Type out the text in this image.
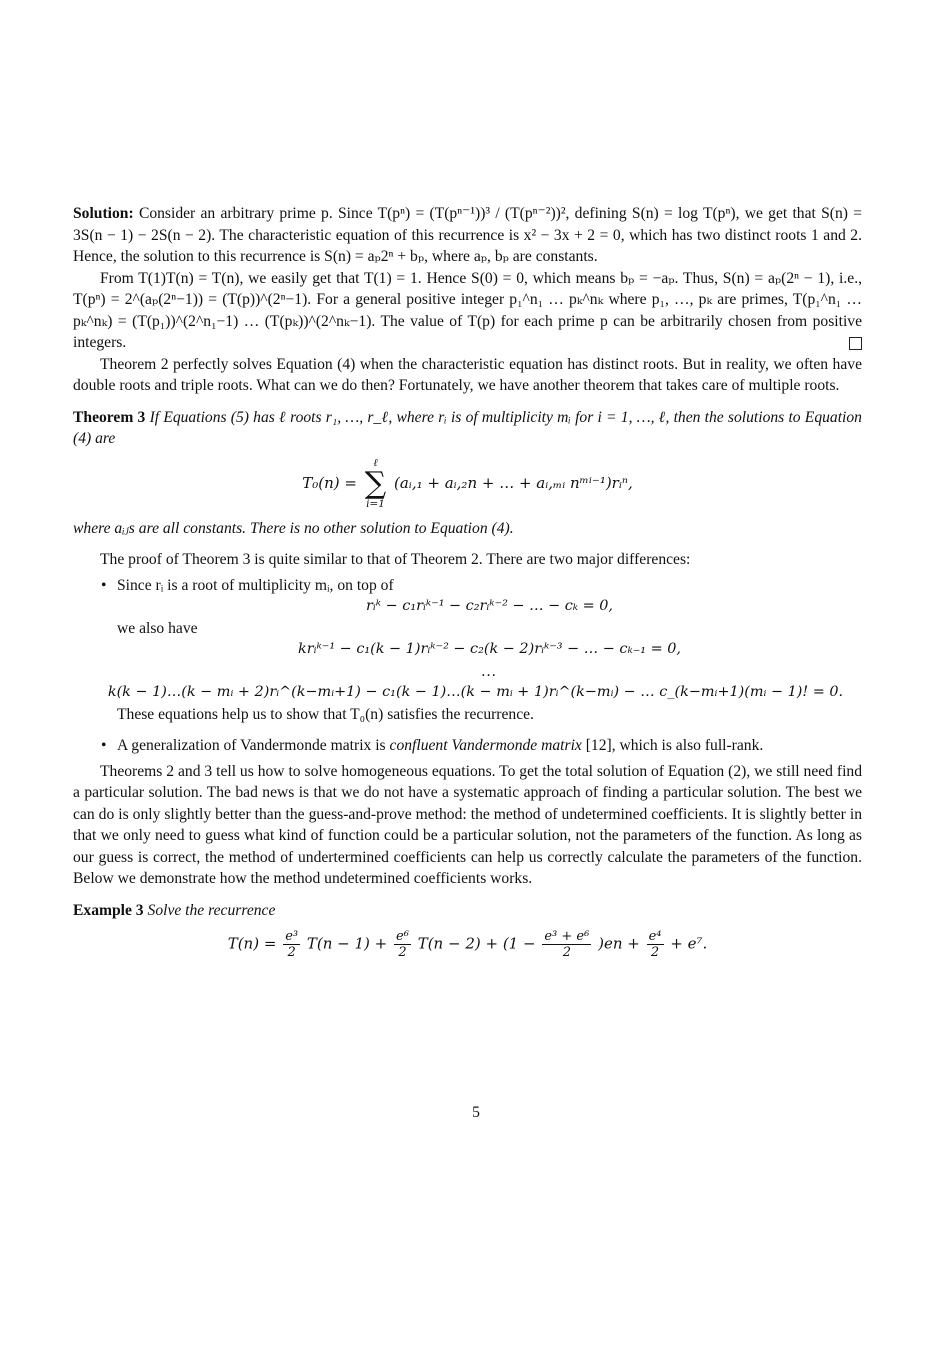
Solution: Consider an arbitrary prime p. Since T(pⁿ) = (T(pⁿ⁻¹))³ / (T(pⁿ⁻²))², defining S(n) = log T(pⁿ), we get that S(n) = 3S(n − 1) − 2S(n − 2). The characteristic equation of this recurrence is x² − 3x + 2 = 0, which has two distinct roots 1 and 2. Hence, the solution to this recurrence is S(n) = aₚ2ⁿ + bₚ, where aₚ, bₚ are constants.

From T(1)T(n) = T(n), we easily get that T(1) = 1. Hence S(0) = 0, which means bₚ = −aₚ. Thus, S(n) = aₚ(2ⁿ − 1), i.e., T(pⁿ) = 2^(aₚ(2ⁿ−1)) = (T(p))^(2ⁿ−1). For a general positive integer p₁^n₁ … pₖ^nₖ where p₁, …, pₖ are primes, T(p₁^n₁ … pₖ^nₖ) = (T(p₁))^(2^n₁−1) … (T(pₖ))^(2^nₖ−1). The value of T(p) for each prime p can be arbitrarily chosen from positive integers.

Theorem 2 perfectly solves Equation (4) when the characteristic equation has distinct roots. But in reality, we often have double roots and triple roots. What can we do then? Fortunately, we have another theorem that takes care of multiple roots.

Theorem 3 If Equations (5) has ℓ roots r₁, …, r_ℓ, where rᵢ is of multiplicity mᵢ for i = 1, …, ℓ, then the solutions to Equation (4) are

T₀(n) =
ℓ
∑
i=1
(aᵢ,₁ + aᵢ,₂n + … + aᵢ,ₘᵢ nᵐⁱ⁻¹)rᵢⁿ,

where aᵢⱼs are all constants. There is no other solution to Equation (4).

The proof of Theorem 3 is quite similar to that of Theorem 2. There are two major differences:

• Since rᵢ is a root of multiplicity mᵢ, on top of
rᵢᵏ − c₁rᵢᵏ⁻¹ − c₂rᵢᵏ⁻² − … − cₖ = 0,
we also have
krᵢᵏ⁻¹ − c₁(k − 1)rᵢᵏ⁻² − c₂(k − 2)rᵢᵏ⁻³ − … − cₖ₋₁ = 0,
…
k(k − 1)…(k − mᵢ + 2)rᵢ^(k−mᵢ+1) − c₁(k − 1)…(k − mᵢ + 1)rᵢ^(k−mᵢ) − … c_(k−mᵢ+1)(mᵢ − 1)! = 0.
These equations help us to show that T₀(n) satisfies the recurrence.
• A generalization of Vandermonde matrix is confluent Vandermonde matrix [12], which is also full-rank.

Theorems 2 and 3 tell us how to solve homogeneous equations. To get the total solution of Equation (2), we still need find a particular solution. The bad news is that we do not have a systematic approach of finding a particular solution. The best we can do is only slightly better than the guess-and-prove method: the method of undetermined coefficients. It is slightly better in that we only need to guess what kind of function could be a particular solution, not the parameters of the function. As long as our guess is correct, the method of undertermined coefficients can help us correctly calculate the parameters of the function. Below we demonstrate how the method undetermined coefficients works.

Example 3 Solve the recurrence

$T(n) = \frac{\text{e³}}{2} T(n - 1) + \frac{\text{e⁶}}{2} T(n - 2) + (1 - \frac{\text{e³ + e⁶}}{2} )en + \frac{\text{e⁴}}{2} + e^7$.
5
